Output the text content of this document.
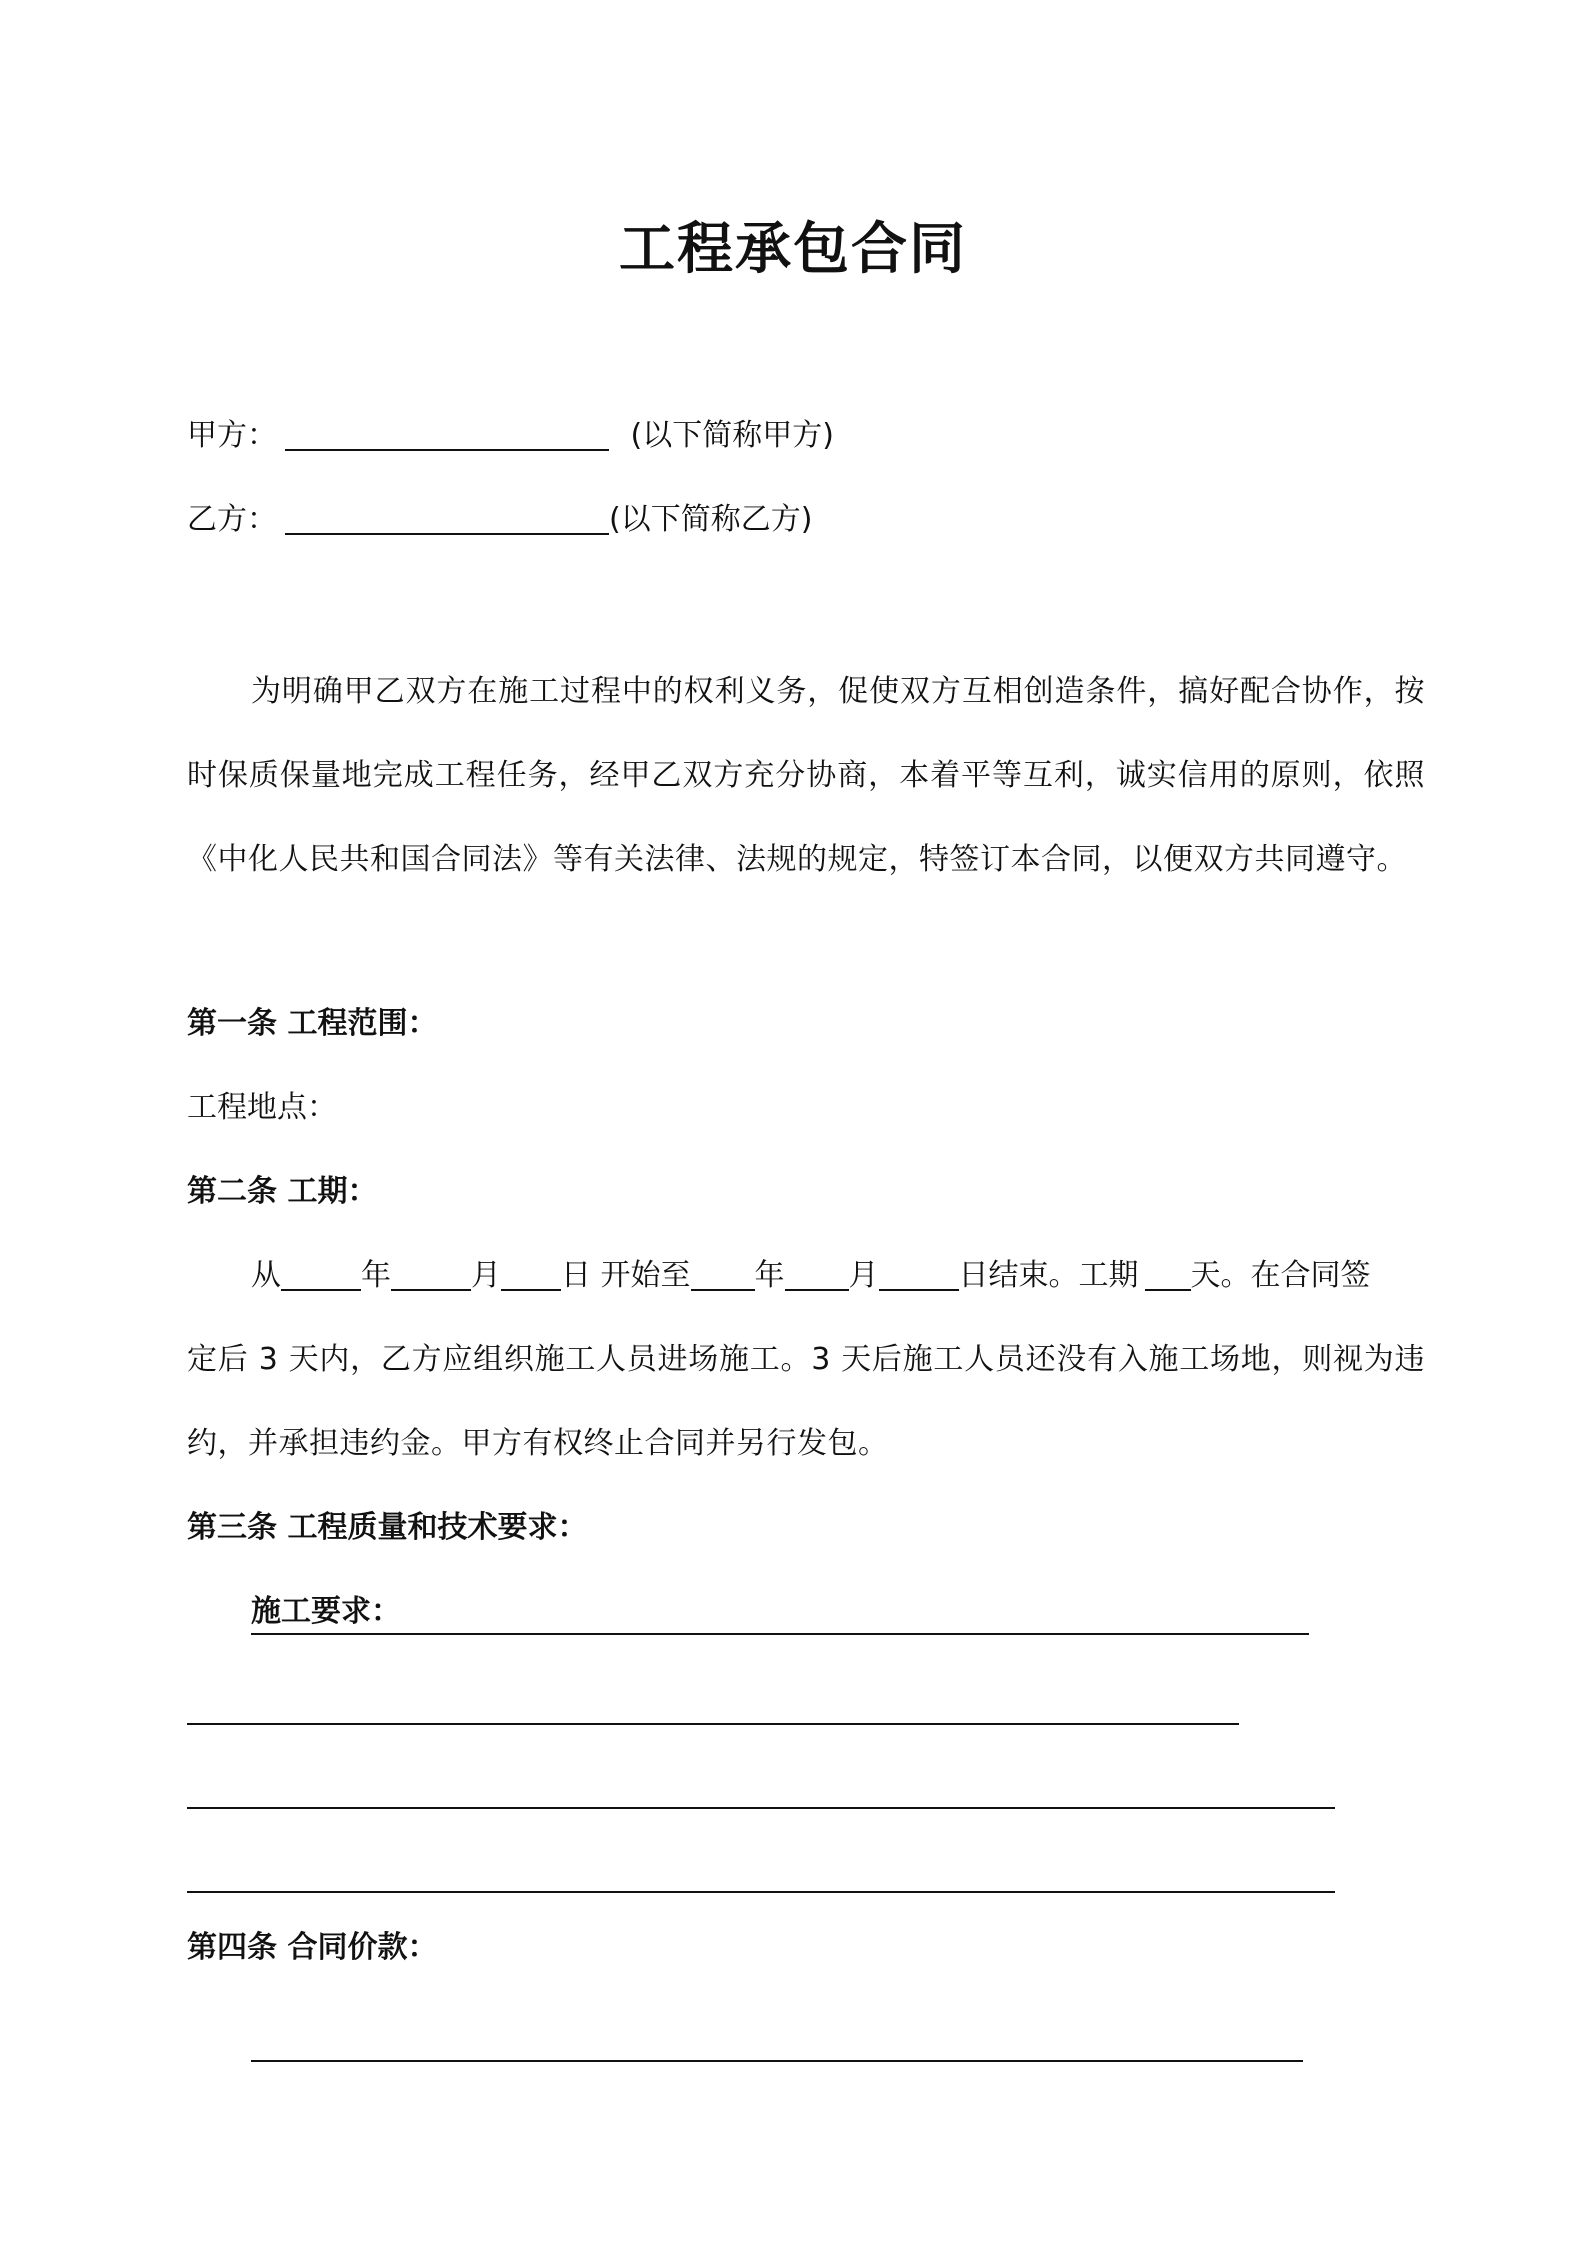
工程承包合同
甲方：	(以下简称甲方)
乙方：	(以下简称乙方)
为明确甲乙双方在施工过程中的权利义务，促使双方互相创造条件，搞好配合协作，按时保质保量地完成工程任务，经甲乙双方充分协商，本着平等互利，诚实信用的原则，依照《中化人民共和国合同法》等有关法律、法规的规定，特签订本合同，以便双方共同遵守。
第一条 工程范围：
工程地点：
第二条 工期：
从	年	月 日 开始至 年 月	日结束。工期 天。在合同签
定后 3 天内，乙方应组织施工人员进场施工。3 天后施工人员还没有入施工场地，则视为违约，并承担违约金。甲方有权终止合同并另行发包。
第三条 工程质量和技术要求：
施工要求：
第四条 合同价款：
